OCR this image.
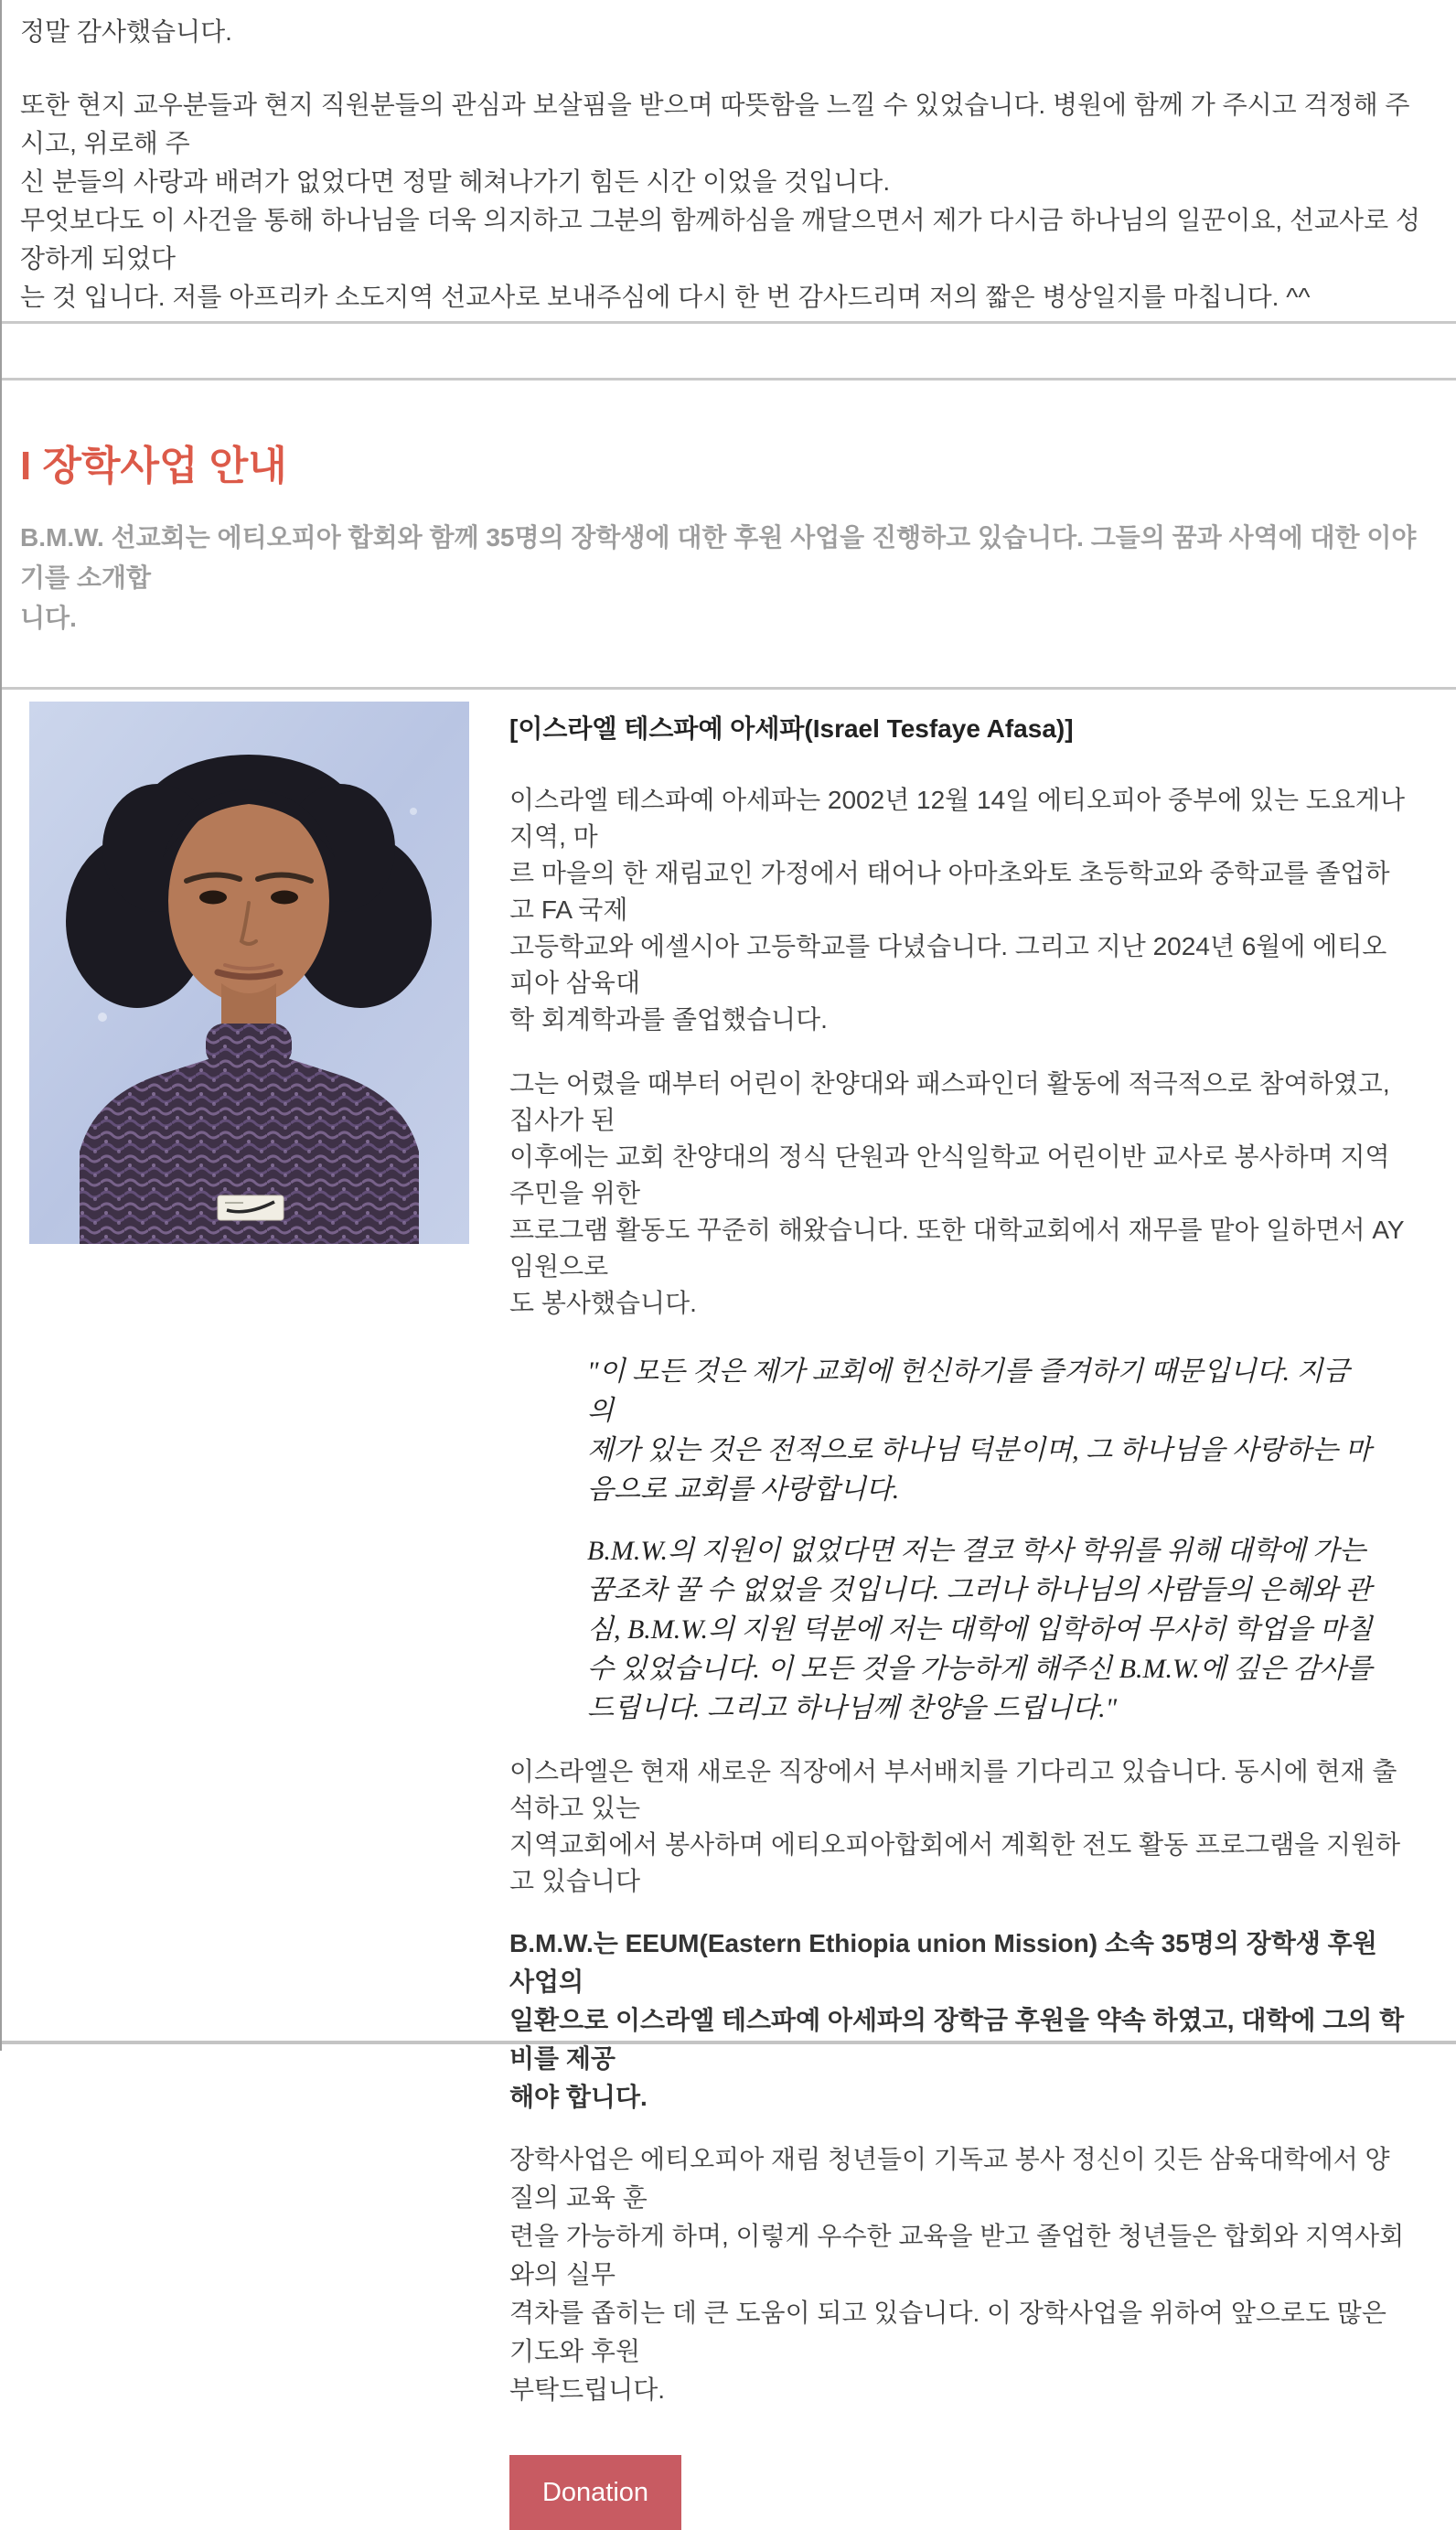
정말 감사했습니다.

또한 현지 교우분들과 현지 직원분들의 관심과 보살핌을 받으며 따뜻함을 느낄 수 있었습니다. 병원에 함께 가 주시고 걱정해 주시고, 위로해 주
신 분들의 사랑과 배려가 없었다면 정말 헤쳐나가기 힘든 시간 이었을 것입니다.
무엇보다도 이 사건을 통해 하나님을 더욱 의지하고 그분의 함께하심을 깨달으면서 제가 다시금 하나님의 일꾼이요, 선교사로 성장하게 되었다
는 것 입니다. 저를 아프리카 소도지역 선교사로 보내주심에 다시 한 번 감사드리며 저의 짧은 병상일지를 마칩니다. ^^

I 장학사업 안내

B.M.W. 선교회는 에티오피아 합회와 함께 35명의 장학생에 대한 후원 사업을 진행하고 있습니다. 그들의 꿈과 사역에 대한 이야기를 소개합
니다.

[이스라엘 테스파예 아세파(Israel Tesfaye Afasa)]

이스라엘 테스파예 아세파는 2002년 12월 14일 에티오피아 중부에 있는 도요게나 지역, 마
르 마을의 한 재림교인 가정에서 태어나 아마초와토 초등학교와 중학교를 졸업하고 FA 국제
고등학교와 에셀시아 고등학교를 다녔습니다. 그리고 지난 2024년 6월에 에티오피아 삼육대
학 회계학과를 졸업했습니다.

그는 어렸을 때부터 어린이 찬양대와 패스파인더 활동에 적극적으로 참여하였고, 집사가 된
이후에는 교회 찬양대의 정식 단원과 안식일학교 어린이반 교사로 봉사하며 지역주민을 위한
프로그램 활동도 꾸준히 해왔습니다. 또한 대학교회에서 재무를 맡아 일하면서 AY 임원으로
도 봉사했습니다.

"이 모든 것은 제가 교회에 헌신하기를 즐겨하기 때문입니다. 지금의
제가 있는 것은 전적으로 하나님 덕분이며, 그 하나님을 사랑하는 마
음으로 교회를 사랑합니다.
B.M.W.의 지원이 없었다면 저는 결코 학사 학위를 위해 대학에 가는
꿈조차 꿀 수 없었을 것입니다. 그러나 하나님의 사람들의 은혜와 관
심, B.M.W.의 지원 덕분에 저는 대학에 입학하여 무사히 학업을 마칠
수 있었습니다. 이 모든 것을 가능하게 해주신 B.M.W.에 깊은 감사를
드립니다. 그리고 하나님께 찬양을 드립니다."

이스라엘은 현재 새로운 직장에서 부서배치를 기다리고 있습니다. 동시에 현재 출석하고 있는
지역교회에서 봉사하며 에티오피아합회에서 계획한 전도 활동 프로그램을 지원하고 있습니다

B.M.W.는 EEUM(Eastern Ethiopia union Mission) 소속 35명의 장학생 후원 사업의
일환으로 이스라엘 테스파예 아세파의 장학금 후원을 약속 하였고, 대학에 그의 학비를 제공
해야 합니다.

장학사업은 에티오피아 재림 청년들이 기독교 봉사 정신이 깃든 삼육대학에서 양질의 교육 훈
련을 가능하게 하며, 이렇게 우수한 교육을 받고 졸업한 청년들은 합회와 지역사회와의 실무
격차를 좁히는 데 큰 도움이 되고 있습니다. 이 장학사업을 위하여 앞으로도 많은 기도와 후원
부탁드립니다.

Donation
